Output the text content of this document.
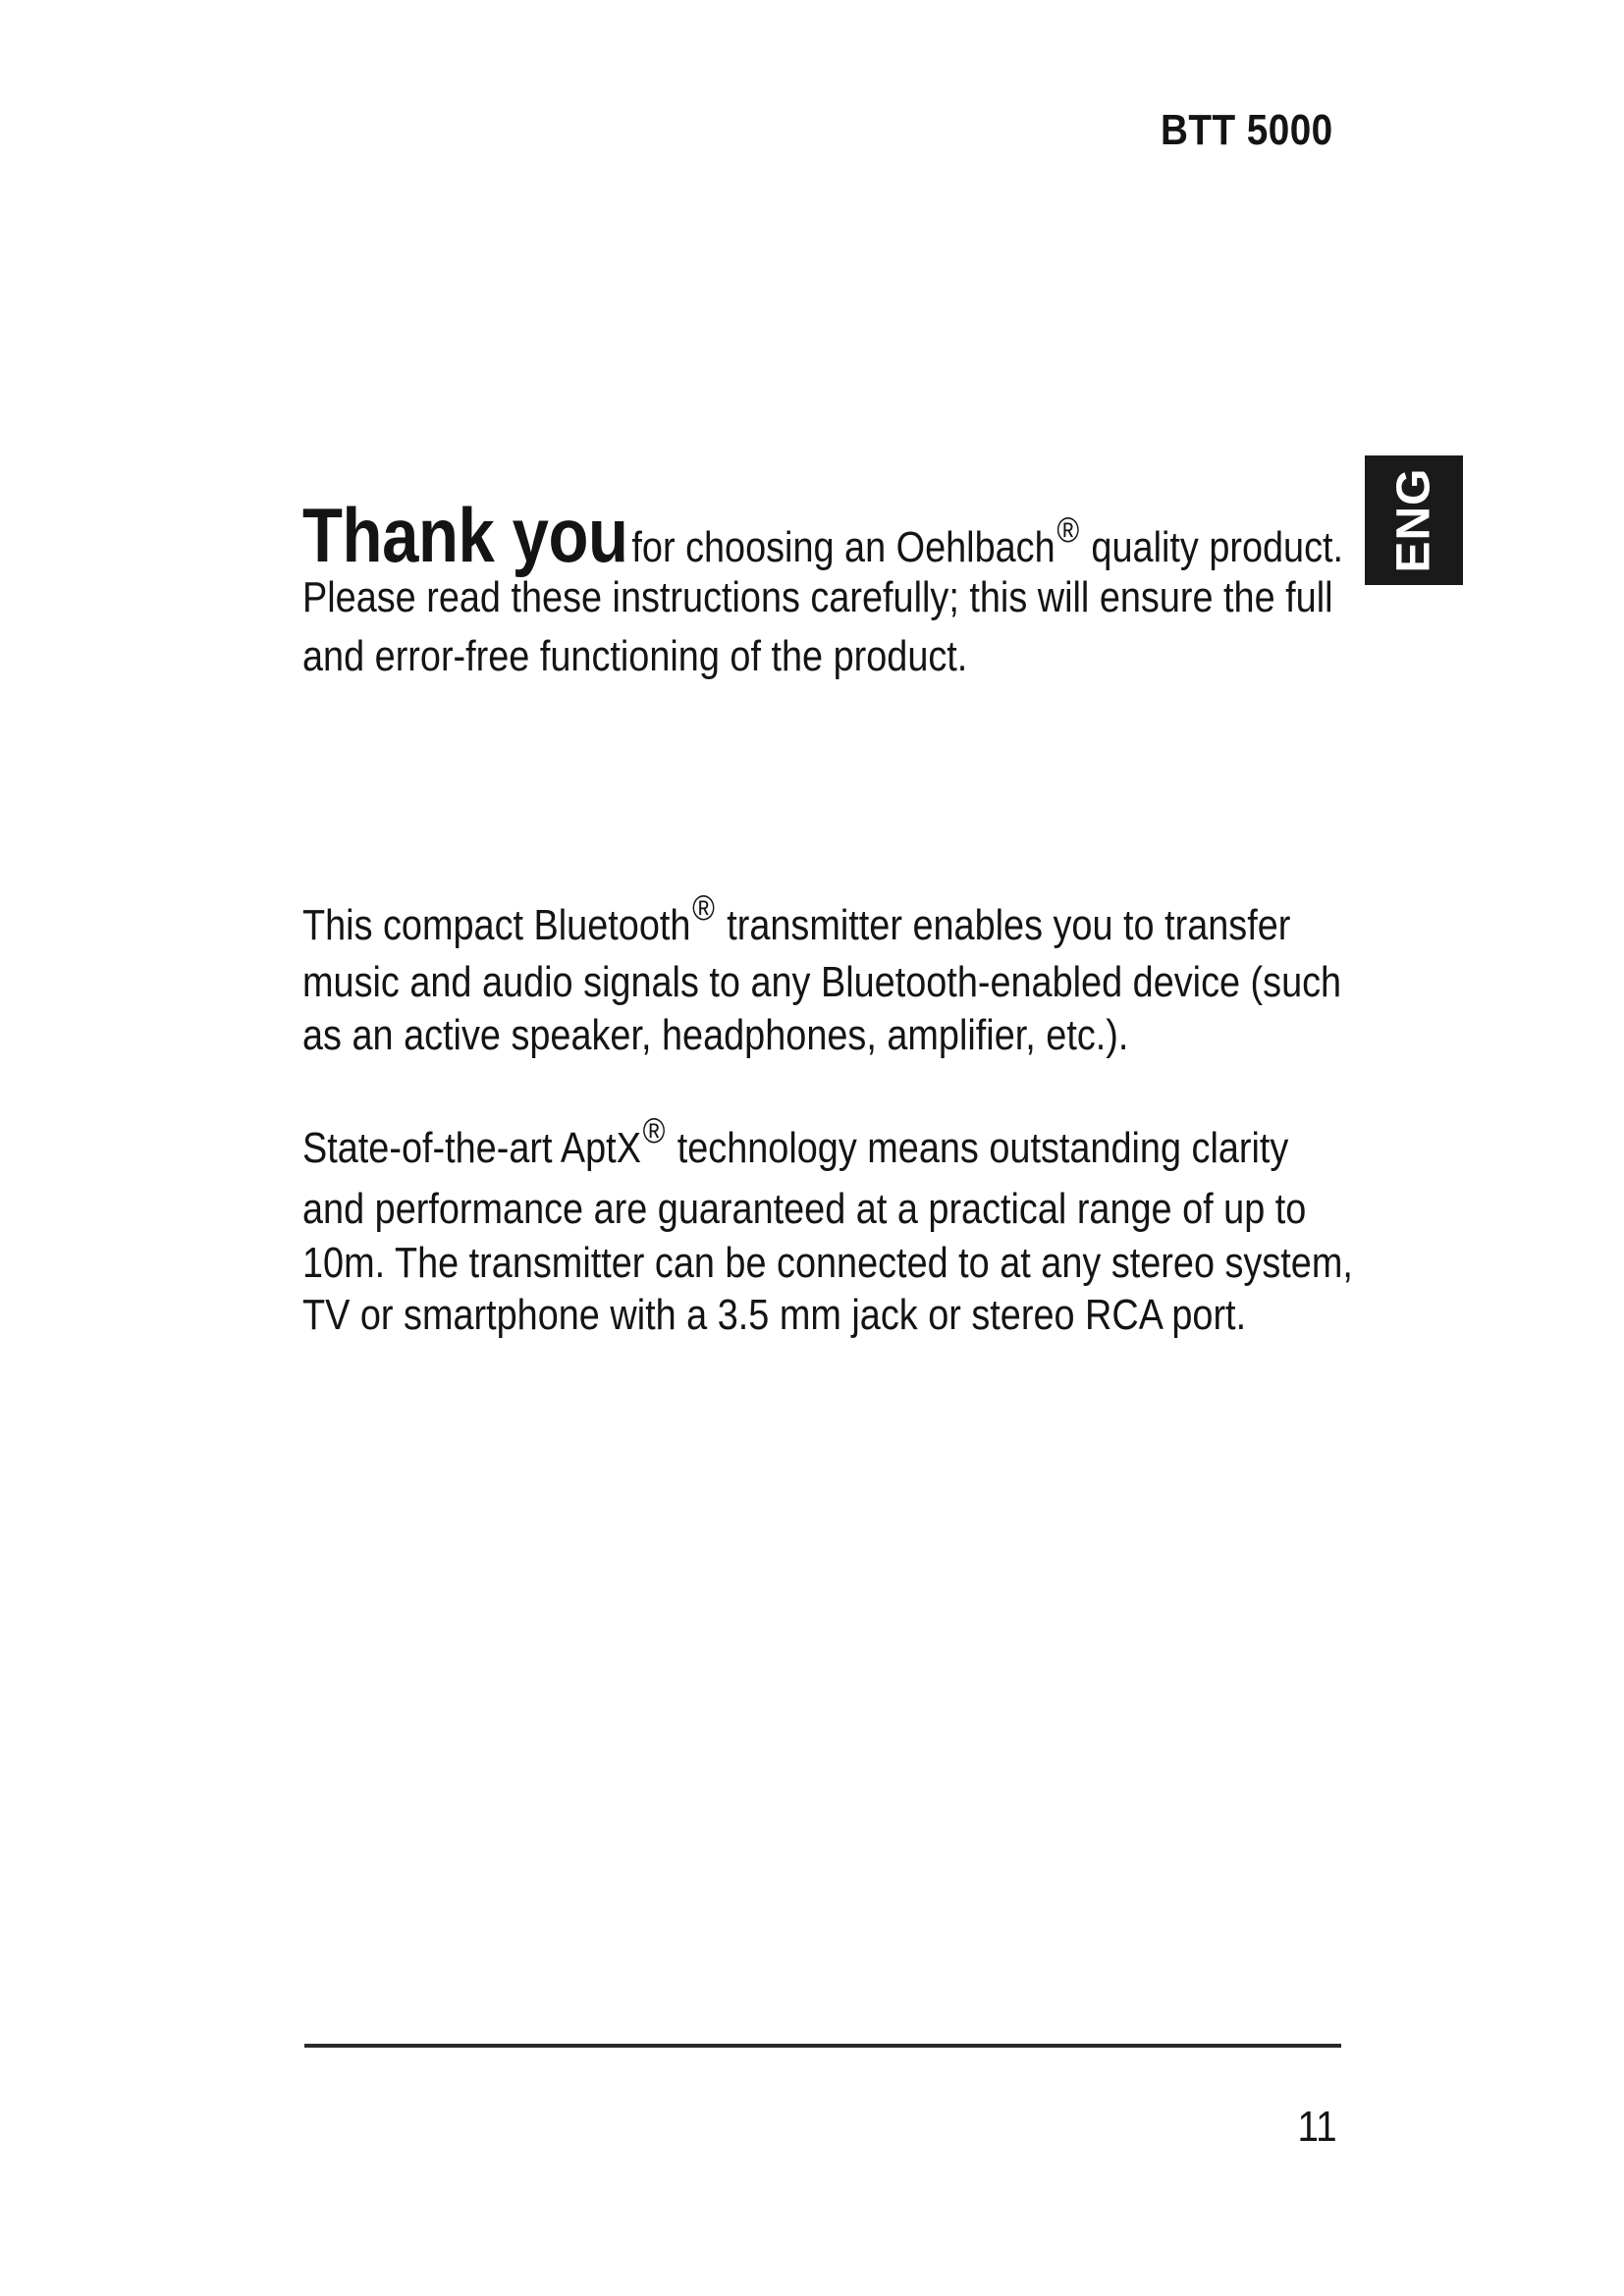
BTT 5000
ENG
Thank you for choosing an Oehlbach® quality product.
Please read these instructions carefully; this will ensure the full
and error-free functioning of the product.
This compact Bluetooth® transmitter enables you to transfer
music and audio signals to any Bluetooth-enabled device (such
as an active speaker, headphones, amplifier, etc.).
State-of-the-art AptX® technology means outstanding clarity
and performance are guaranteed at a practical range of up to
10m. The transmitter can be connected to at any stereo system,
TV or smartphone with a 3.5 mm jack or stereo RCA port.
11
